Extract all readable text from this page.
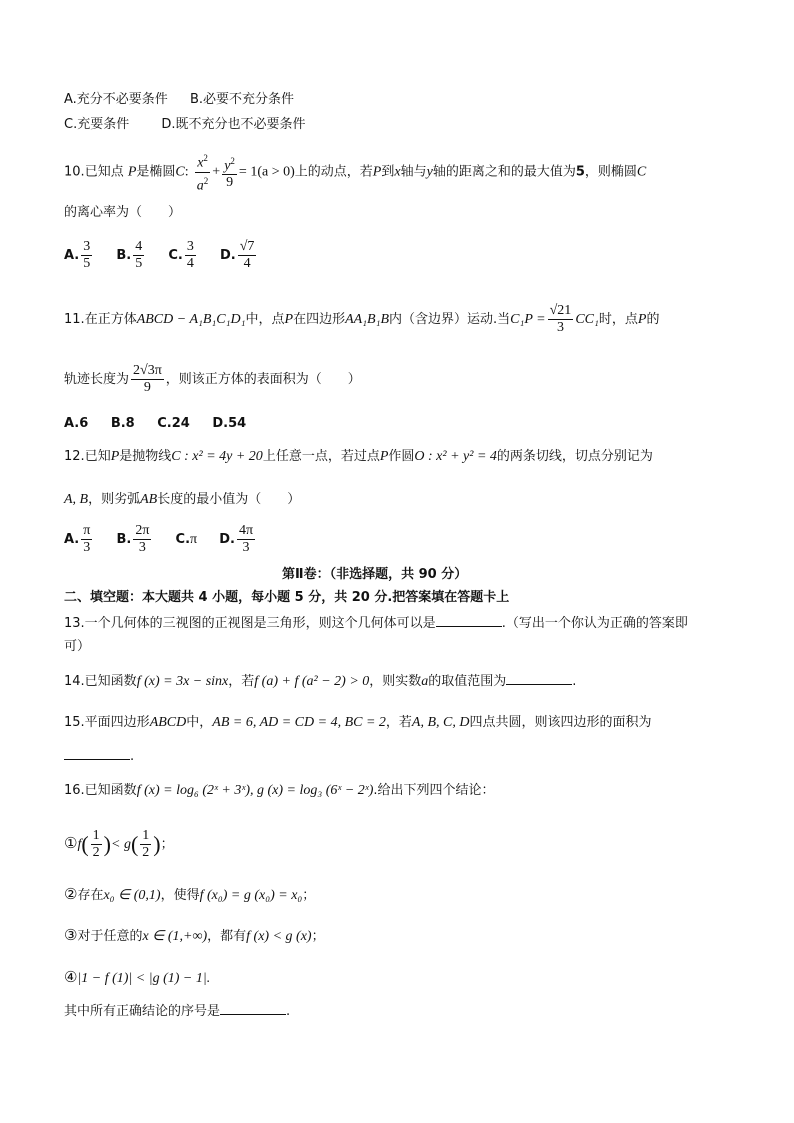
A.充分不必要条件 B.必要不充分条件
C.充要条件 D.既不充分也不必要条件
10.已知点 P是椭圆C: $\frac{x^2}{a^2} + \frac{y^2}{9} = 1(a > 0)$上的动点，若P到x轴与y轴的距离之和的最大值为5，则椭圆C
的离心率为（　　）
A. $\frac{3}{5} B$. $\frac{4}{5} C$. $\frac{3}{4} D$. $\frac{√7}{4}$
11.在正方体ABCD − A₁B₁C₁D₁中，点P在四边形AA₁B₁B内（含边界）运动.当$C_1P = \frac{√21}{3} CC_1$时，点P的
轨迹长度为 $\frac{2√3\pi}{9}$ ，则该正方体的表面积为（　　）
A.6 B.8 C.24 D.54
12.已知P是抛物线C : x² = 4y + 20上任意一点，若过点P作圆O : x² + y² = 4的两条切线，切点分别记为
A, B，则劣弧AB长度的最小值为（　　）
A. $\frac{\pi}{3} B$. $\frac{2\pi}{3} C.\pi$ D. $\frac{4\pi}{3}$
第Ⅱ卷：（非选择题，共 90 分）
二、填空题：本大题共 4 小题，每小题 5 分，共 20 分.把答案填在答题卡上
13.一个几何体的三视图的正视图是三角形，则这个几何体可以是	.（写出一个你认为正确的答案即
可）
14.已知函数f (x) = 3x − sinx，若f (a) + f (a² − 2) > 0，则实数a的取值范围为	.
15.平面四边形ABCD中，AB = 6, AD = CD = 4, BC = 2，若A, B, C, D四点共圆，则该四边形的面积为
.
16.已知函数f (x) = log₆ (2ˣ + 3ˣ), g (x) = log₃ (6ˣ − 2ˣ).给出下列四个结论：
①f( $\frac{1}{2}$ )< $g( \frac{1}{2}$ )；
②存在x₀ ∈ (0,1)，使得f (x₀) = g (x₀) = x₀；
③对于任意的x ∈ (1,+∞)，都有f (x) < g (x)；
④|1 − f (1)| < |g (1) − 1|.
其中所有正确结论的序号是	.
